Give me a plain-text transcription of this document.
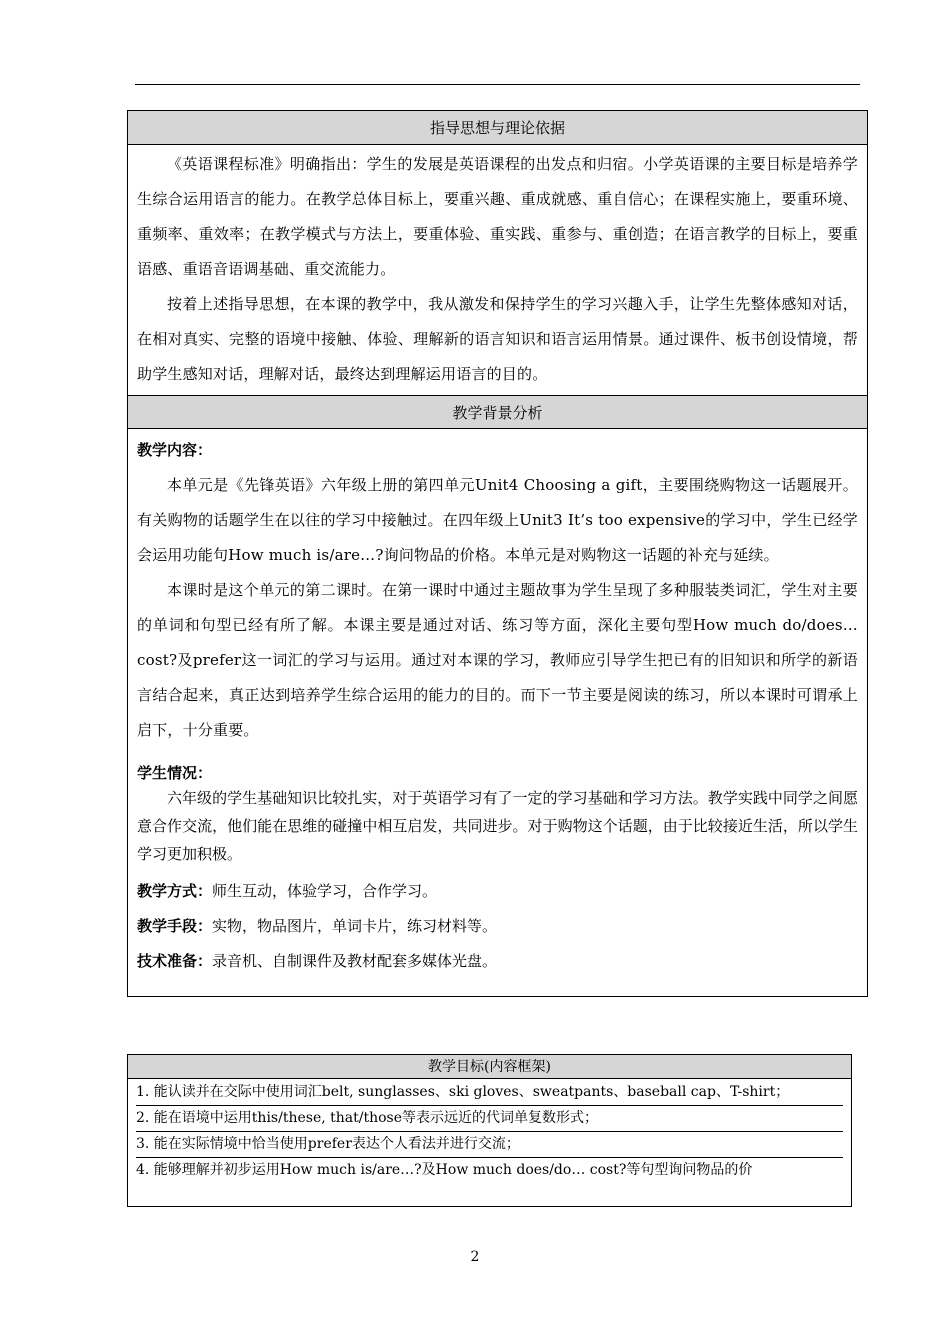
指导思想与理论依据

《英语课程标准》明确指出：学生的发展是英语课程的出发点和归宿。小学英语课的主要目标是培养学生综合运用语言的能力。在教学总体目标上，要重兴趣、重成就感、重自信心；在课程实施上，要重环境、重频率、重效率；在教学模式与方法上，要重体验、重实践、重参与、重创造；在语言教学的目标上，要重语感、重语音语调基础、重交流能力。

按着上述指导思想，在本课的教学中，我从激发和保持学生的学习兴趣入手，让学生先整体感知对话，在相对真实、完整的语境中接触、体验、理解新的语言知识和语言运用情景。通过课件、板书创设情境，帮助学生感知对话，理解对话，最终达到理解运用语言的目的。

教学背景分析

教学内容：

本单元是《先锋英语》六年级上册的第四单元Unit4 Choosing a gift，主要围绕购物这一话题展开。有关购物的话题学生在以往的学习中接触过。在四年级上Unit3 It’s too expensive的学习中，学生已经学会运用功能句How much is/are…?询问物品的价格。本单元是对购物这一话题的补充与延续。

本课时是这个单元的第二课时。在第一课时中通过主题故事为学生呈现了多种服装类词汇，学生对主要的单词和句型已经有所了解。本课主要是通过对话、练习等方面，深化主要句型How much do/does…cost?及prefer这一词汇的学习与运用。通过对本课的学习，教师应引导学生把已有的旧知识和所学的新语言结合起来，真正达到培养学生综合运用的能力的目的。而下一节主要是阅读的练习，所以本课时可谓承上启下，十分重要。

学生情况：

六年级的学生基础知识比较扎实，对于英语学习有了一定的学习基础和学习方法。教学实践中同学之间愿意合作交流，他们能在思维的碰撞中相互启发，共同进步。对于购物这个话题，由于比较接近生活，所以学生学习更加积极。

教学方式：师生互动，体验学习，合作学习。

教学手段：实物，物品图片，单词卡片，练习材料等。

技术准备：录音机、自制课件及教材配套多媒体光盘。

教学目标(内容框架)

1. 能认读并在交际中使用词汇belt, sunglasses、ski gloves、sweatpants、baseball cap、T-shirt；

2. 能在语境中运用this/these, that/those等表示远近的代词单复数形式；

3. 能在实际情境中恰当使用prefer表达个人看法并进行交流；

4. 能够理解并初步运用How much is/are…?及How much does/do… cost?等句型询问物品的价

2
